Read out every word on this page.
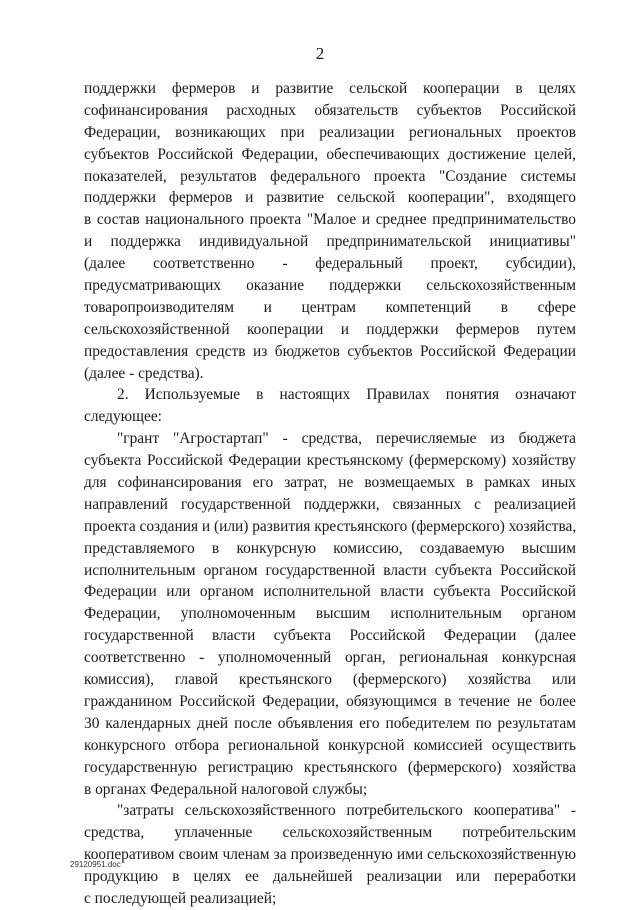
2
поддержки фермеров и развитие сельской кооперации в целях
софинансирования расходных обязательств субъектов Российской
Федерации, возникающих при реализации региональных проектов
субъектов Российской Федерации, обеспечивающих достижение целей,
показателей, результатов федерального проекта "Создание системы
поддержки фермеров и развитие сельской кооперации", входящего
в состав национального проекта "Малое и среднее предпринимательство
и поддержка индивидуальной предпринимательской инициативы"
(далее соответственно - федеральный проект, субсидии),
предусматривающих оказание поддержки сельскохозяйственным
товаропроизводителям и центрам компетенций в сфере
сельскохозяйственной кооперации и поддержки фермеров путем
предоставления средств из бюджетов субъектов Российской Федерации
(далее - средства).
2. Используемые в настоящих Правилах понятия означают
следующее:
"грант "Агростартап" - средства, перечисляемые из бюджета
субъекта Российской Федерации крестьянскому (фермерскому) хозяйству
для софинансирования его затрат, не возмещаемых в рамках иных
направлений государственной поддержки, связанных с реализацией
проекта создания и (или) развития крестьянского (фермерского) хозяйства,
представляемого в конкурсную комиссию, создаваемую высшим
исполнительным органом государственной власти субъекта Российской
Федерации или органом исполнительной власти субъекта Российской
Федерации, уполномоченным высшим исполнительным органом
государственной власти субъекта Российской Федерации (далее
соответственно - уполномоченный орган, региональная конкурсная
комиссия), главой крестьянского (фермерского) хозяйства или
гражданином Российской Федерации, обязующимся в течение не более
30 календарных дней после объявления его победителем по результатам
конкурсного отбора региональной конкурсной комиссией осуществить
государственную регистрацию крестьянского (фермерского) хозяйства
в органах Федеральной налоговой службы;
"затраты сельскохозяйственного потребительского кооператива" -
средства, уплаченные сельскохозяйственным потребительским
кооперативом своим членам за произведенную ими сельскохозяйственную
продукцию в целях ее дальнейшей реализации или переработки
с последующей реализацией;
29120951.doc
